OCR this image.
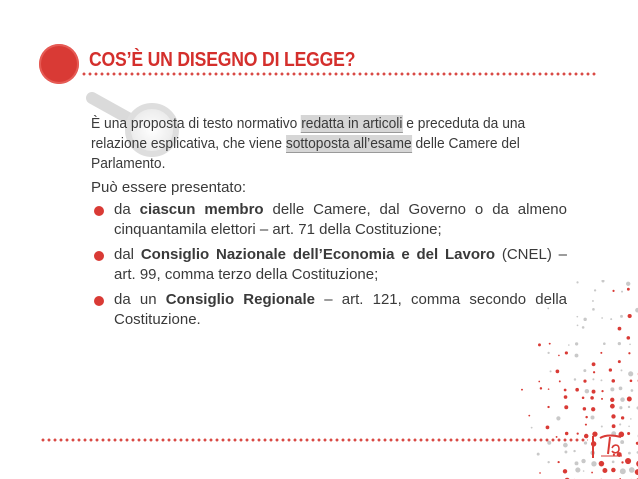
COS’È UN DISEGNO DI LEGGE?

È una proposta di testo normativo redatta in articoli e preceduta da una relazione esplicativa, che viene sottoposta all’esame delle Camere del Parlamento.

Può essere presentato:

da ciascun membro delle Camere, dal Governo o da almeno cinquantamila elettori – art. 71 della Costituzione;
dal Consiglio Nazionale dell’Economia e del Lavoro (CNEL) – art. 99, comma terzo della Costituzione;
da un Consiglio Regionale – art. 121, comma secondo della Costituzione.
